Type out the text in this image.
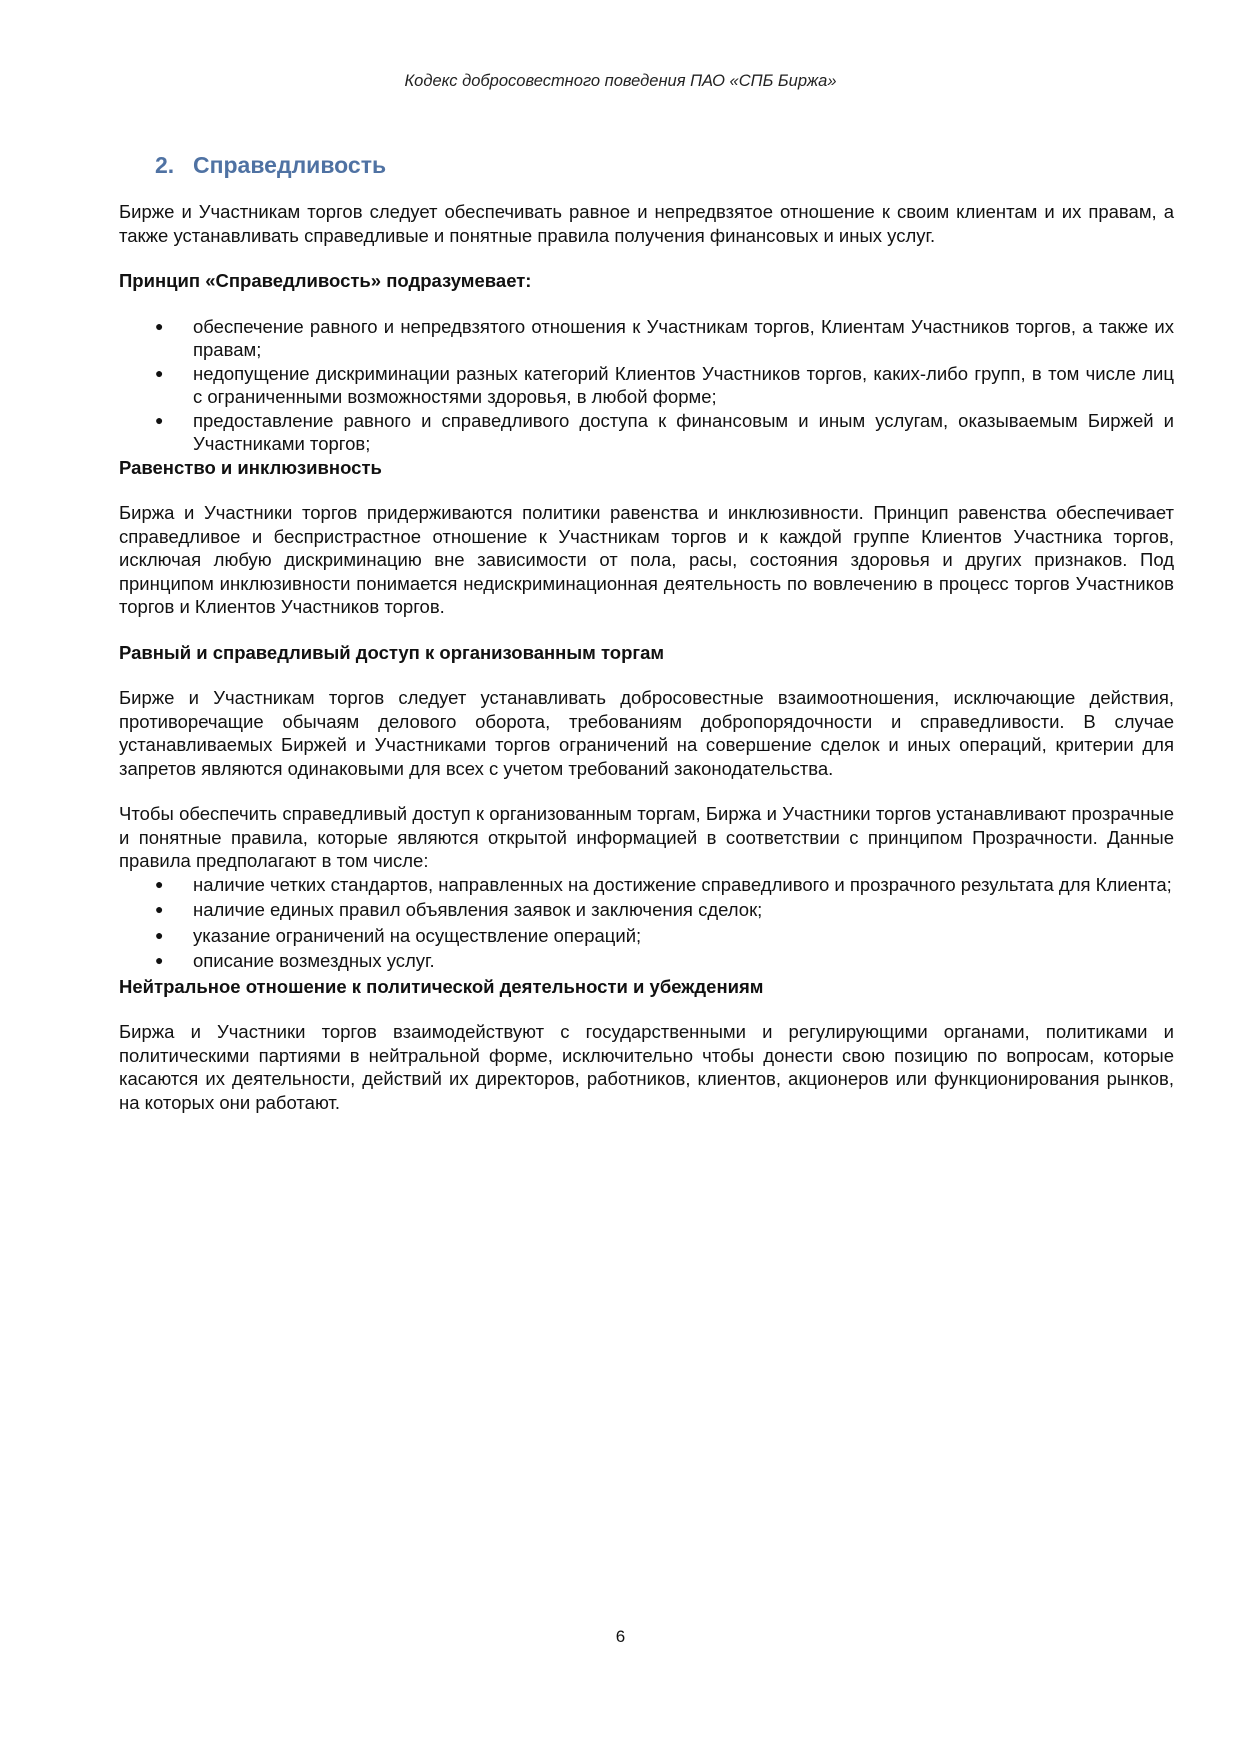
Кодекс добросовестного поведения ПАО «СПБ Биржа»
2. Справедливость

Бирже и Участникам торгов следует обеспечивать равное и непредвзятое отношение к своим клиентам и их правам, а также устанавливать справедливые и понятные правила получения финансовых и иных услуг.

Принцип «Справедливость» подразумевает:

● обеспечение равного и непредвзятого отношения к Участникам торгов, Клиентам Участников торгов, а также их правам;
● недопущение дискриминации разных категорий Клиентов Участников торгов, каких-либо групп, в том числе лиц с ограниченными возможностями здоровья, в любой форме;
● предоставление равного и справедливого доступа к финансовым и иным услугам, оказываемым Биржей и Участниками торгов;

Равенство и инклюзивность

Биржа и Участники торгов придерживаются политики равенства и инклюзивности. Принцип равенства обеспечивает справедливое и беспристрастное отношение к Участникам торгов и к каждой группе Клиентов Участника торгов, исключая любую дискриминацию вне зависимости от пола, расы, состояния здоровья и других признаков. Под принципом инклюзивности понимается недискриминационная деятельность по вовлечению в процесс торгов Участников торгов и Клиентов Участников торгов.

Равный и справедливый доступ к организованным торгам

Бирже и Участникам торгов следует устанавливать добросовестные взаимоотношения, исключающие действия, противоречащие обычаям делового оборота, требованиям добропорядочности и справедливости. В случае устанавливаемых Биржей и Участниками торгов ограничений на совершение сделок и иных операций, критерии для запретов являются одинаковыми для всех с учетом требований законодательства.

Чтобы обеспечить справедливый доступ к организованным торгам, Биржа и Участники торгов устанавливают прозрачные и понятные правила, которые являются открытой информацией в соответствии с принципом Прозрачности. Данные правила предполагают в том числе:

● наличие четких стандартов, направленных на достижение справедливого и прозрачного результата для Клиента;
● наличие единых правил объявления заявок и заключения сделок;
● указание ограничений на осуществление операций;
● описание возмездных услуг.

Нейтральное отношение к политической деятельности и убеждениям

Биржа и Участники торгов взаимодействуют с государственными и регулирующими органами, политиками и политическими партиями в нейтральной форме, исключительно чтобы донести свою позицию по вопросам, которые касаются их деятельности, действий их директоров, работников, клиентов, акционеров или функционирования рынков, на которых они работают.

6
